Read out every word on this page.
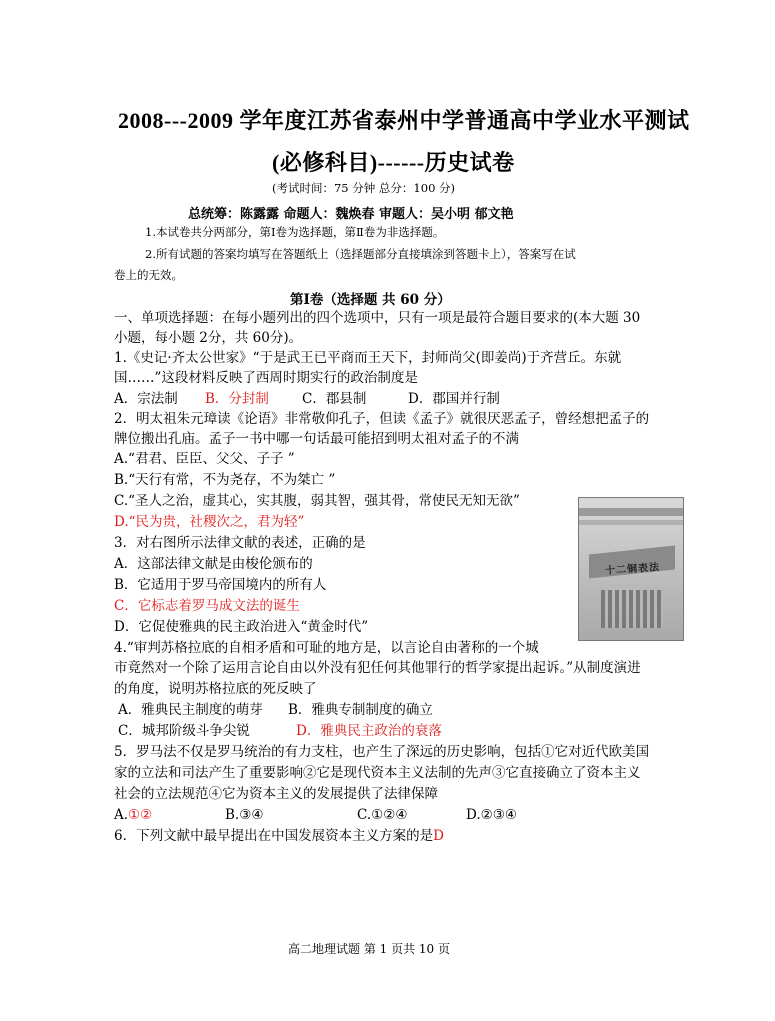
2008---2009 学年度江苏省泰州中学普通高中学业水平测试
(必修科目)------历史试卷
(考试时间：75 分钟 总分：100 分)
总统筹：陈露露 命题人：魏焕春 审题人：吴小明 郁文艳
1.本试卷共分两部分，第Ⅰ卷为选择题，第Ⅱ卷为非选择题。
2.所有试题的答案均填写在答题纸上（选择题部分直接填涂到答题卡上），答案写在试
卷上的无效。
第Ⅰ卷（选择题 共 60 分）
一、单项选择题：在每小题列出的四个选项中，只有一项是最符合题目要求的(本大题 30
小题，每小题 2分，共 60分)。
1.《史记·齐太公世家》“于是武王已平商而王天下，封师尚父(即姜尚)于齐营丘。东就
国……”这段材料反映了西周时期实行的政治制度是
A．宗法制 B．分封制 C．郡县制	D．郡国并行制
2．明太祖朱元璋读《论语》非常敬仰孔子，但读《孟子》就很厌恶孟子，曾经想把孟子的
牌位搬出孔庙。孟子一书中哪一句话最可能招到明太祖对孟子的不满
A.“君君、臣臣、父父、子子 ”
B.“天行有常，不为尧存，不为桀亡 ”
C.“圣人之治，虚其心，实其腹，弱其智，强其骨，常使民无知无欲”
D.“民为贵，社稷次之，君为轻”
3．对右图所示法律文献的表述，正确的是
A．这部法律文献是由梭伦颁布的
B．它适用于罗马帝国境内的所有人
C．它标志着罗马成文法的诞生
D．它促使雅典的民主政治进入“黄金时代”
十二铜表法
4.“审判苏格拉底的自相矛盾和可耻的地方是，以言论自由著称的一个城
市竟然对一个除了运用言论自由以外没有犯任何其他罪行的哲学家提出起诉。”从制度演进
的角度，说明苏格拉底的死反映了
A．雅典民主制度的萌芽 B．雅典专制制度的确立
C．城邦阶级斗争尖锐	D．雅典民主政治的衰落
5．罗马法不仅是罗马统治的有力支柱，也产生了深远的历史影响，包括①它对近代欧美国
家的立法和司法产生了重要影响②它是现代资本主义法制的先声③它直接确立了资本主义
社会的立法规范④它为资本主义的发展提供了法律保障
A.①②	B.③④	C.①②④	D.②③④
6．下列文献中最早提出在中国发展资本主义方案的是D
高二地理试题 第 1 页共 10 页
